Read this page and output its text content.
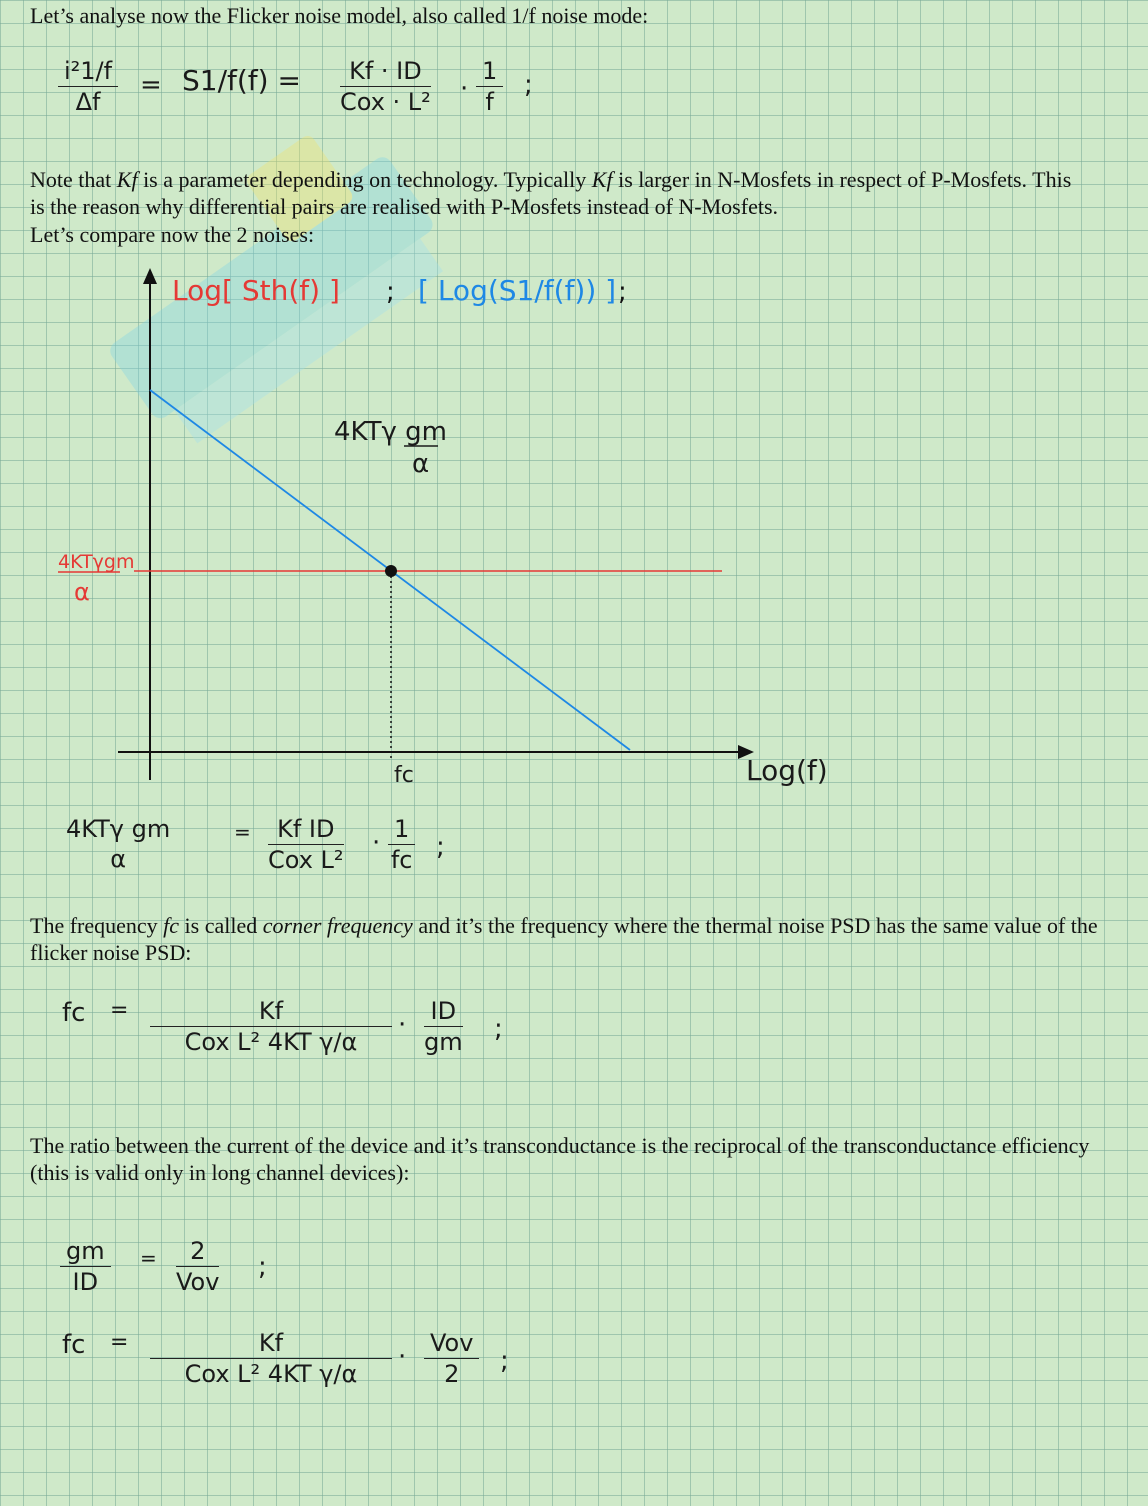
Let’s analyse now the Flicker noise model, also called 1/f noise mode:

$\frac{\text{i²1/f}}{\Delta f} = S1/f(f)$ =	Kf · ID
Cox · $L^2 \cdot \frac{1}{f}$ ;

Note that Kf is a parameter depending on technology. Typically Kf is larger in N-Mosfets in respect of P-Mosfets. This is the reason why differential pairs are realised with P-Mosfets instead of N-Mosfets.

Let’s compare now the 2 noises:

Log[ Sth(f) ] ; [ Log(S1/f(f)) ] ;
4KTγ gm
α
4KTγgm
α
fc	Log(f)
4KTγ gm
α
=	Kf ID
Cox L²
· $\frac{1}{fc}$ ;

The frequency fc is called corner frequency and it’s the frequency where the thermal noise PSD has the same value of the flicker noise PSD:

fc =	Kf
Cox L² 4KT γ/α
· $\frac{ID}{gm}$ ;

The ratio between the current of the device and it’s transconductance is the reciprocal of the transconductance efficiency (this is valid only in long channel devices):

$\frac{gm}{ID}$ =	2
Vov ;
fc =	Kf
Cox L² 4KT γ/α
· Vov
2	;
